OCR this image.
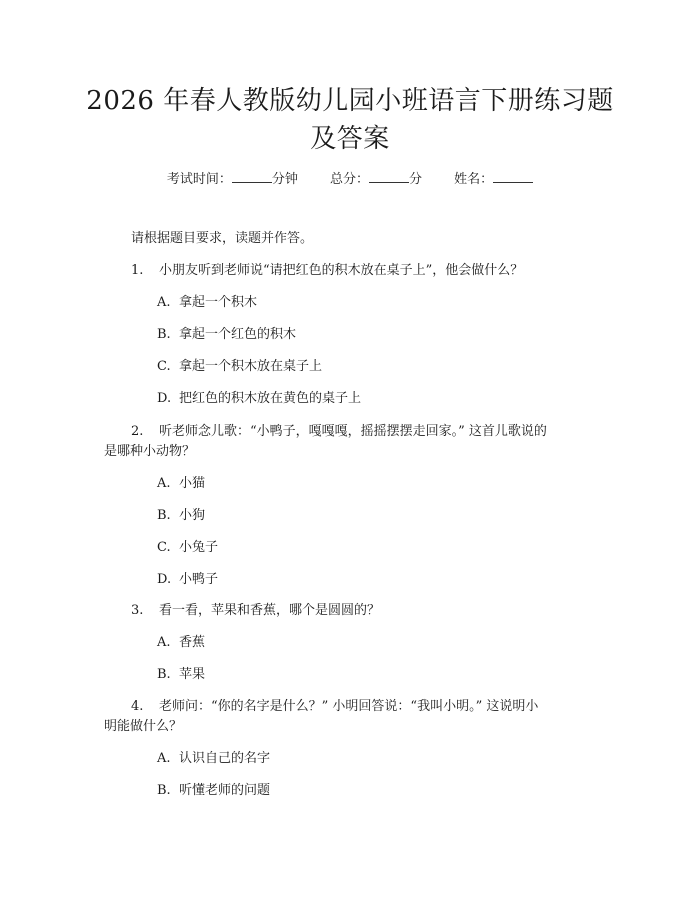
2026 年春人教版幼儿园小班语言下册练习题
及答案
考试时间：	分钟 总分：	分 姓名：
请根据题目要求，读题并作答。
1. 小朋友听到老师说“请把红色的积木放在桌子上”，他会做什么？
A. 拿起一个积木
B. 拿起一个红色的积木
C. 拿起一个积木放在桌子上
D. 把红色的积木放在黄色的桌子上
2. 听老师念儿歌：“小鸭子，嘎嘎嘎，摇摇摆摆走回家。” 这首儿歌说的
是哪种小动物？
A. 小猫
B. 小狗
C. 小兔子
D. 小鸭子
3. 看一看，苹果和香蕉，哪个是圆圆的？
A. 香蕉
B. 苹果
4. 老师问：“你的名字是什么？” 小明回答说：“我叫小明。” 这说明小
明能做什么？
A. 认识自己的名字
B. 听懂老师的问题
